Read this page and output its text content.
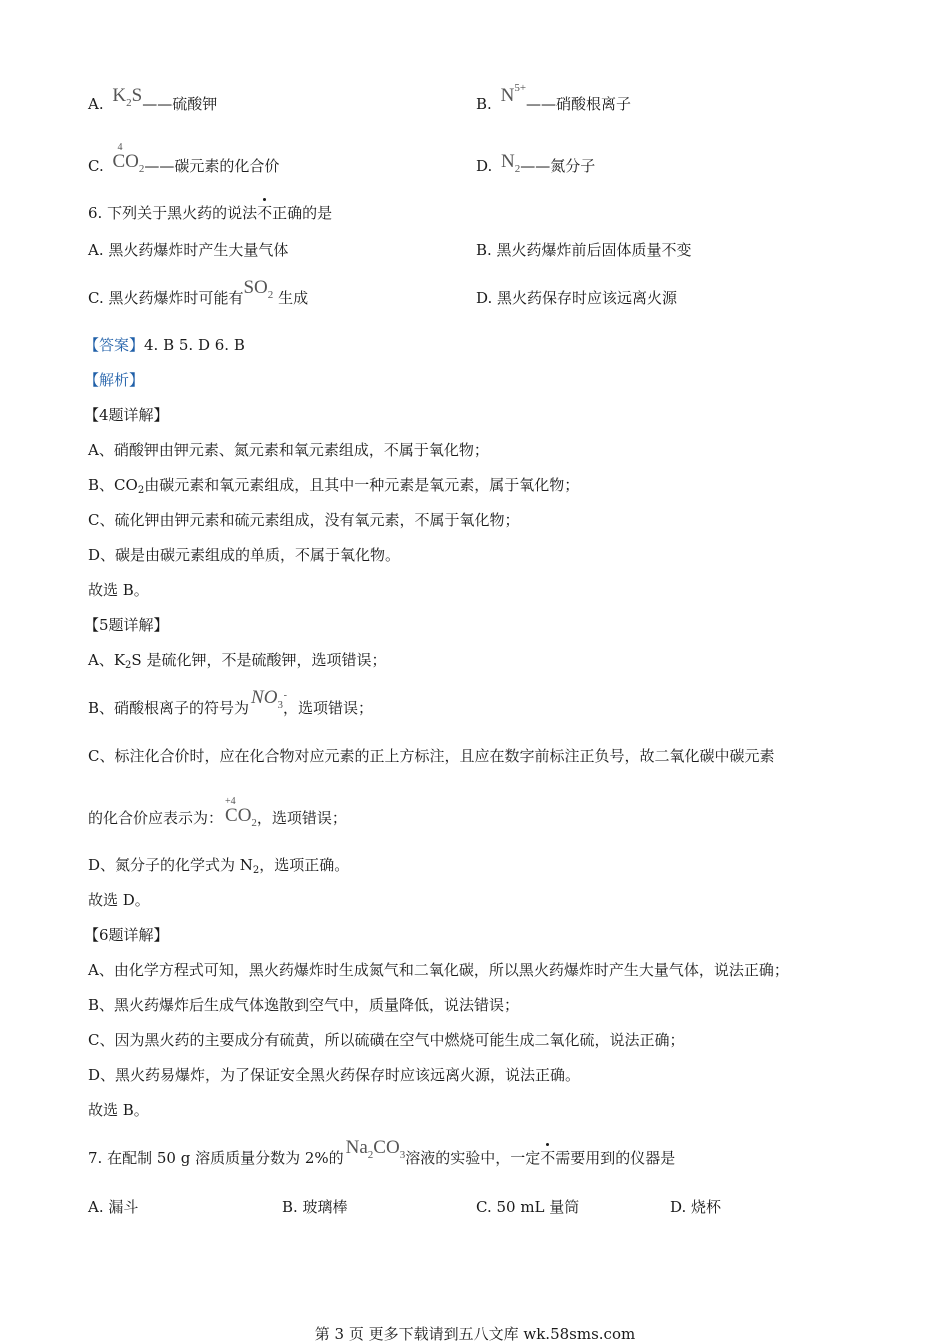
A. $K_2S——$硫酸钾	B. $N^{5+}——$硝酸根离子
C.
4
$CO_2——$碳元素的化合价	D. $N_2——$氮分子
6. 下列关于黑火药的说法不正确的是
A. 黑火药爆炸时产生大量气体	B. 黑火药爆炸前后固体质量不变
C. 黑火药爆炸时可能有$SO_2$ 生成	D. 黑火药保存时应该远离火源
【答案】4. B 5. D 6. B
【解析】
【4题详解】
A、硝酸钾由钾元素、氮元素和氧元素组成，不属于氧化物；
B、$CO_2$由碳元素和氧元素组成，且其中一种元素是氧元素，属于氧化物；
C、硫化钾由钾元素和硫元素组成，没有氧元素，不属于氧化物；
D、碳是由碳元素组成的单质，不属于氧化物。
故选 B。
【5题详解】
A、$K_2S$ 是硫化钾，不是硫酸钾，选项错误；
B、硝酸根离子的符号为 NO -
$_3$，选项错误；
C、标注化合价时，应在化合物对应元素的正上方标注，且应在数字前标注正负号，故二氧化碳中碳元素
的化合价应表示为：
+4
$CO_2$，选项错误；
D、氮分子的化学式为 $N_2$，选项正确。
故选 D。
【6题详解】
A、由化学方程式可知，黑火药爆炸时生成氮气和二氧化碳，所以黑火药爆炸时产生大量气体，说法正确；
B、黑火药爆炸后生成气体逸散到空气中，质量降低，说法错误；
C、因为黑火药的主要成分有硫黄，所以硫磺在空气中燃烧可能生成二氧化硫，说法正确；
D、黑火药易爆炸，为了保证安全黑火药保存时应该远离火源，说法正确。
故选 B。
7. 在配制 50 g 溶质质量分数为 2%的 $Na_2CO_3$溶液的实验中，一定不需要用到的仪器是
A. 漏斗	B. 玻璃棒	C. 50 mL 量筒	D. 烧杯
第 3 页 更多下载请到五八文库 wk.58sms.com
